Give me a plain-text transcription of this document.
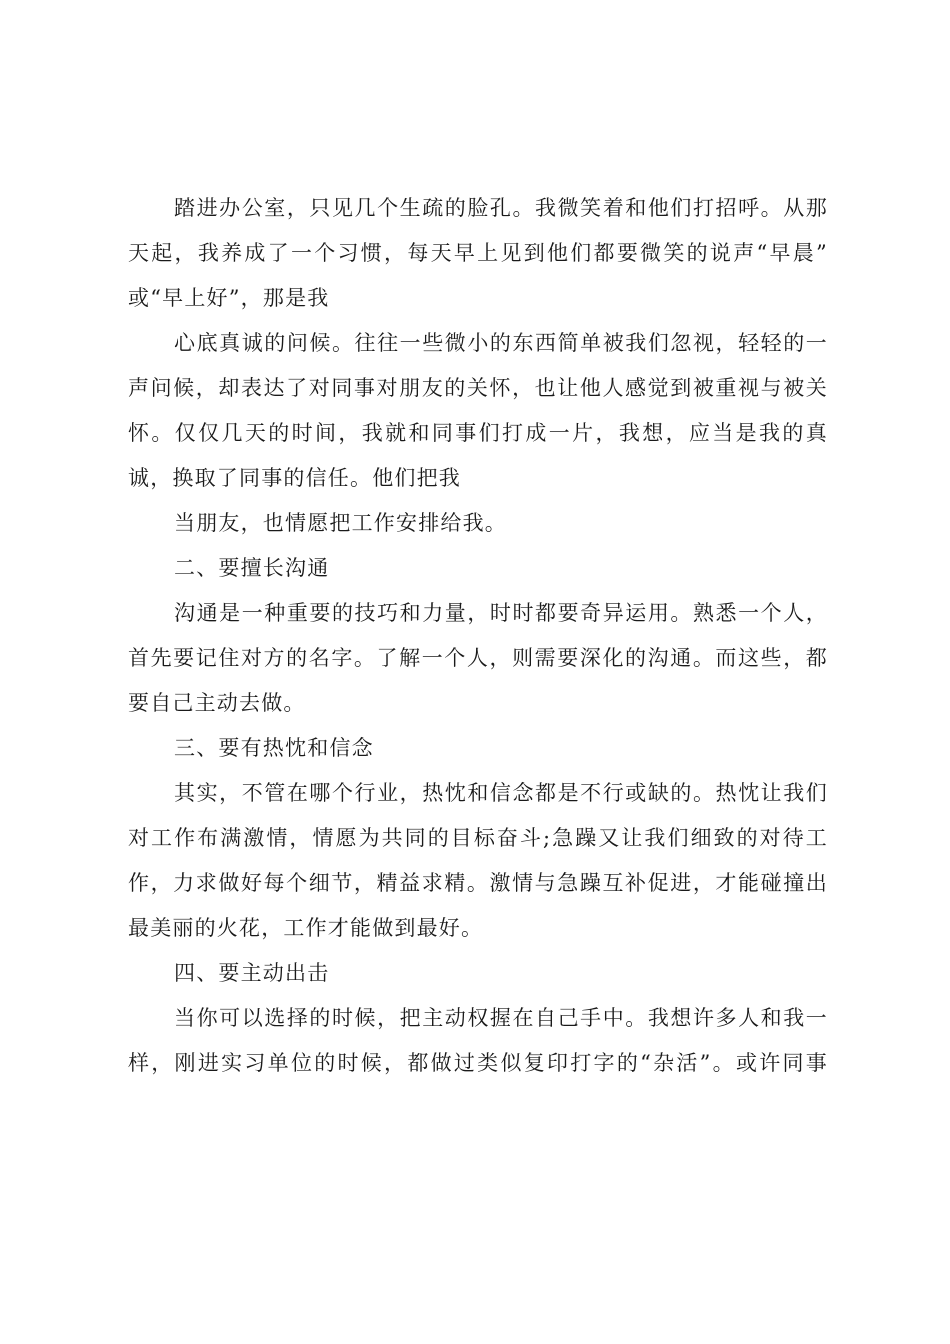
踏进办公室，只见几个生疏的脸孔。我微笑着和他们打招呼。从那
天起，我养成了一个习惯，每天早上见到他们都要微笑的说声“早晨”
或“早上好”，那是我
心底真诚的问候。往往一些微小的东西简单被我们忽视，轻轻的一
声问候，却表达了对同事对朋友的关怀，也让他人感觉到被重视与被关
怀。仅仅几天的时间，我就和同事们打成一片，我想，应当是我的真
诚，换取了同事的信任。他们把我
当朋友，也情愿把工作安排给我。
二、要擅长沟通
沟通是一种重要的技巧和力量，时时都要奇异运用。熟悉一个人，
首先要记住对方的名字。了解一个人，则需要深化的沟通。而这些，都
要自己主动去做。
三、要有热忱和信念
其实，不管在哪个行业，热忱和信念都是不行或缺的。热忱让我们
对工作布满激情，情愿为共同的目标奋斗;急躁又让我们细致的对待工
作，力求做好每个细节，精益求精。激情与急躁互补促进，才能碰撞出
最美丽的火花，工作才能做到最好。
四、要主动出击
当你可以选择的时候，把主动权握在自己手中。我想许多人和我一
样，刚进实习单位的时候，都做过类似复印打字的“杂活”。或许同事
